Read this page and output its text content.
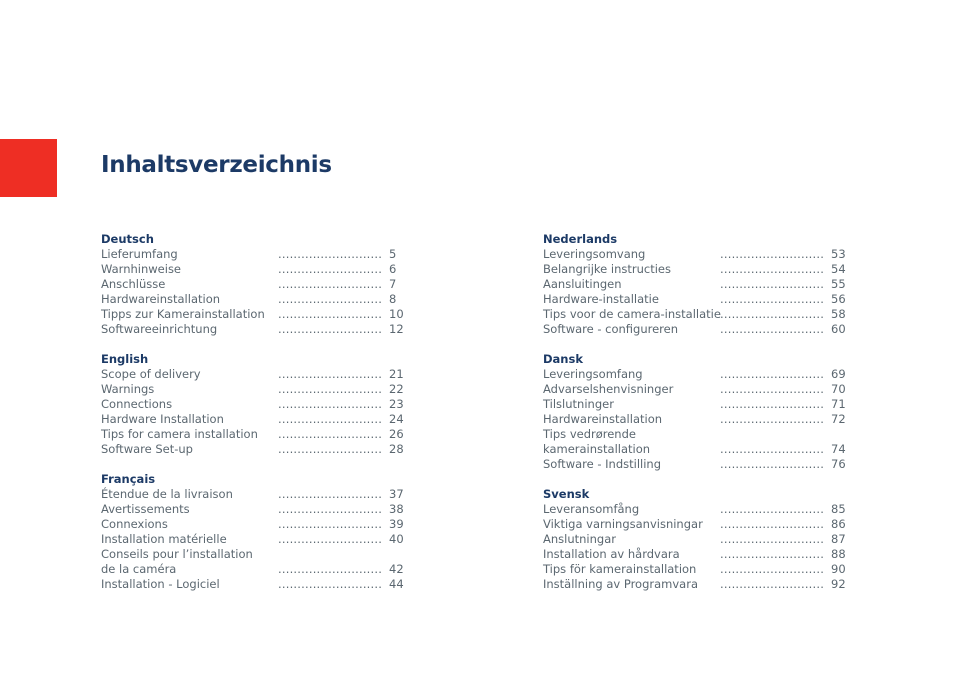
Inhaltsverzeichnis
Deutsch
Lieferumfang	........................... 5
Warnhinweise	........................... 6
Anschlüsse	........................... 7
Hardwareinstallation	........................... 8
Tipps zur Kamerainstallation ........................... 10
Softwareeinrichtung	........................... 12
English
Scope of delivery	........................... 21
Warnings	........................... 22
Connections	........................... 23
Hardware Installation	........................... 24
Tips for camera installation ........................... 26
Software Set-up	........................... 28
Français
Étendue de la livraison	........................... 37
Avertissements	........................... 38
Connexions	........................... 39
Installation matérielle	........................... 40
Conseils pour l’installation
de la caméra	........................... 42
Installation - Logiciel	........................... 44
Nederlands
Leveringsomvang	........................... 53
Belangrijke instructies	........................... 54
Aansluitingen	........................... 55
Hardware-installatie	........................... 56
Tips voor de camera-installatie ........................... 58
Software - configureren	........................... 60
Dansk
Leveringsomfang	........................... 69
Advarselshenvisninger	........................... 70
Tilslutninger	........................... 71
Hardwareinstallation	........................... 72
Tips vedrørende
kamerainstallation	........................... 74
Software - Indstilling	........................... 76
Svensk
Leveransomfång	........................... 85
Viktiga varningsanvisningar ........................... 86
Anslutningar	........................... 87
Installation av hårdvara	........................... 88
Tips för kamerainstallation ........................... 90
Inställning av Programvara ........................... 92
